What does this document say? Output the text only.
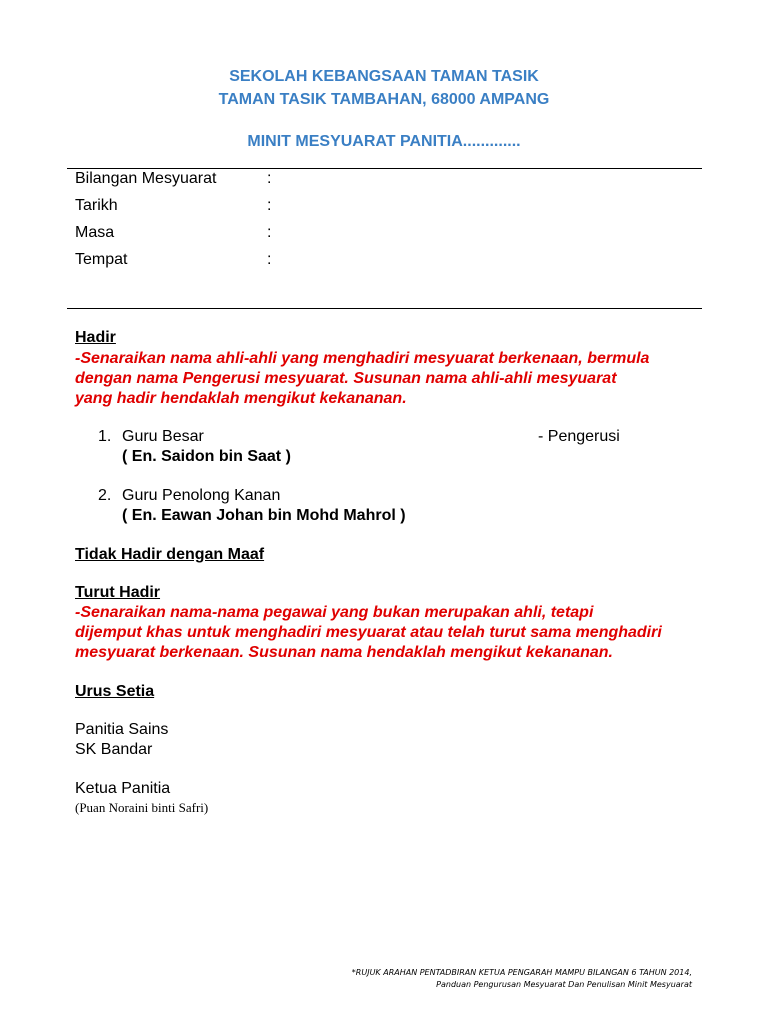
SEKOLAH KEBANGSAAN TAMAN TASIK
TAMAN TASIK TAMBAHAN, 68000 AMPANG
MINIT MESYUARAT PANITIA.............
Bilangan Mesyuarat	:
Tarikh	:
Masa	:
Tempat	:
Hadir
-Senaraikan nama ahli-ahli yang menghadiri mesyuarat berkenaan, bermula
dengan nama Pengerusi mesyuarat. Susunan nama ahli-ahli mesyuarat
yang hadir hendaklah mengikut kekananan.
1. Guru Besar	- Pengerusi
( En. Saidon bin Saat )
2. Guru Penolong Kanan
( En. Eawan Johan bin Mohd Mahrol )
Tidak Hadir dengan Maaf
Turut Hadir
-Senaraikan nama-nama pegawai yang bukan merupakan ahli, tetapi
dijemput khas untuk menghadiri mesyuarat atau telah turut sama menghadiri
mesyuarat berkenaan. Susunan nama hendaklah mengikut kekananan.
Urus Setia
Panitia Sains
SK Bandar
Ketua Panitia
(Puan Noraini binti Safri)
*RUJUK ARAHAN PENTADBIRAN KETUA PENGARAH MAMPU BILANGAN 6 TAHUN 2014,
Panduan Pengurusan Mesyuarat Dan Penulisan Minit Mesyuarat
